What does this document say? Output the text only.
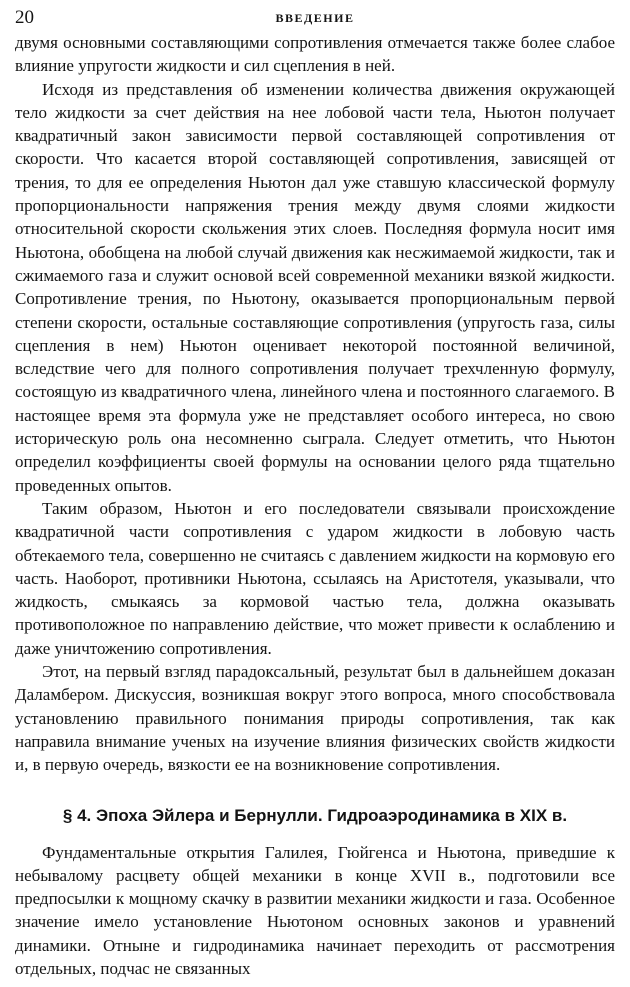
20	ВВЕДЕНИЕ

двумя основными составляющими сопротивления отмечается также более слабое влияние упругости жидкости и сил сцепления в ней.

Исходя из представления об изменении количества движения окружающей тело жидкости за счет действия на нее лобовой части тела, Ньютон получает квадратичный закон зависимости первой составляющей сопротивления от скорости. Что касается второй составляющей сопротивления, зависящей от трения, то для ее определения Ньютон дал уже ставшую классической формулу пропорциональности напряжения трения между двумя слоями жидкости относительной скорости скольжения этих слоев. Последняя формула носит имя Ньютона, обобщена на любой случай движения как несжимаемой жидкости, так и сжимаемого газа и служит основой всей современной механики вязкой жидкости. Сопротивление трения, по Ньютону, оказывается пропорциональным первой степени скорости, остальные составляющие сопротивления (упругость газа, силы сцепления в нем) Ньютон оценивает некоторой постоянной величиной, вследствие чего для полного сопротивления получает трехчленную формулу, состоящую из квадратичного члена, линейного члена и постоянного слагаемого. В настоящее время эта формула уже не представляет особого интереса, но свою историческую роль она несомненно сыграла. Следует отметить, что Ньютон определил коэффициенты своей формулы на основании целого ряда тщательно проведенных опытов.

Таким образом, Ньютон и его последователи связывали происхождение квадратичной части сопротивления с ударом жидкости в лобовую часть обтекаемого тела, совершенно не считаясь с давлением жидкости на кормовую его часть. Наоборот, противники Ньютона, ссылаясь на Аристотеля, указывали, что жидкость, смыкаясь за кормовой частью тела, должна оказывать противоположное по направлению действие, что может привести к ослаблению и даже уничтожению сопротивления.

Этот, на первый взгляд парадоксальный, результат был в дальнейшем доказан Даламбером. Дискуссия, возникшая вокруг этого вопроса, много способствовала установлению правильного понимания природы сопротивления, так как направила внимание ученых на изучение влияния физических свойств жидкости и, в первую очередь, вязкости ее на возникновение сопротивления.

§ 4. Эпоха Эйлера и Бернулли. Гидроаэродинамика в XIX в.

Фундаментальные открытия Галилея, Гюйгенса и Ньютона, приведшие к небывалому расцвету общей механики в конце XVII в., подготовили все предпосылки к мощному скачку в развитии механики жидкости и газа. Особенное значение имело установление Ньютоном основных законов и уравнений динамики. Отныне и гидродинамика начинает переходить от рассмотрения отдельных, подчас не связанных
